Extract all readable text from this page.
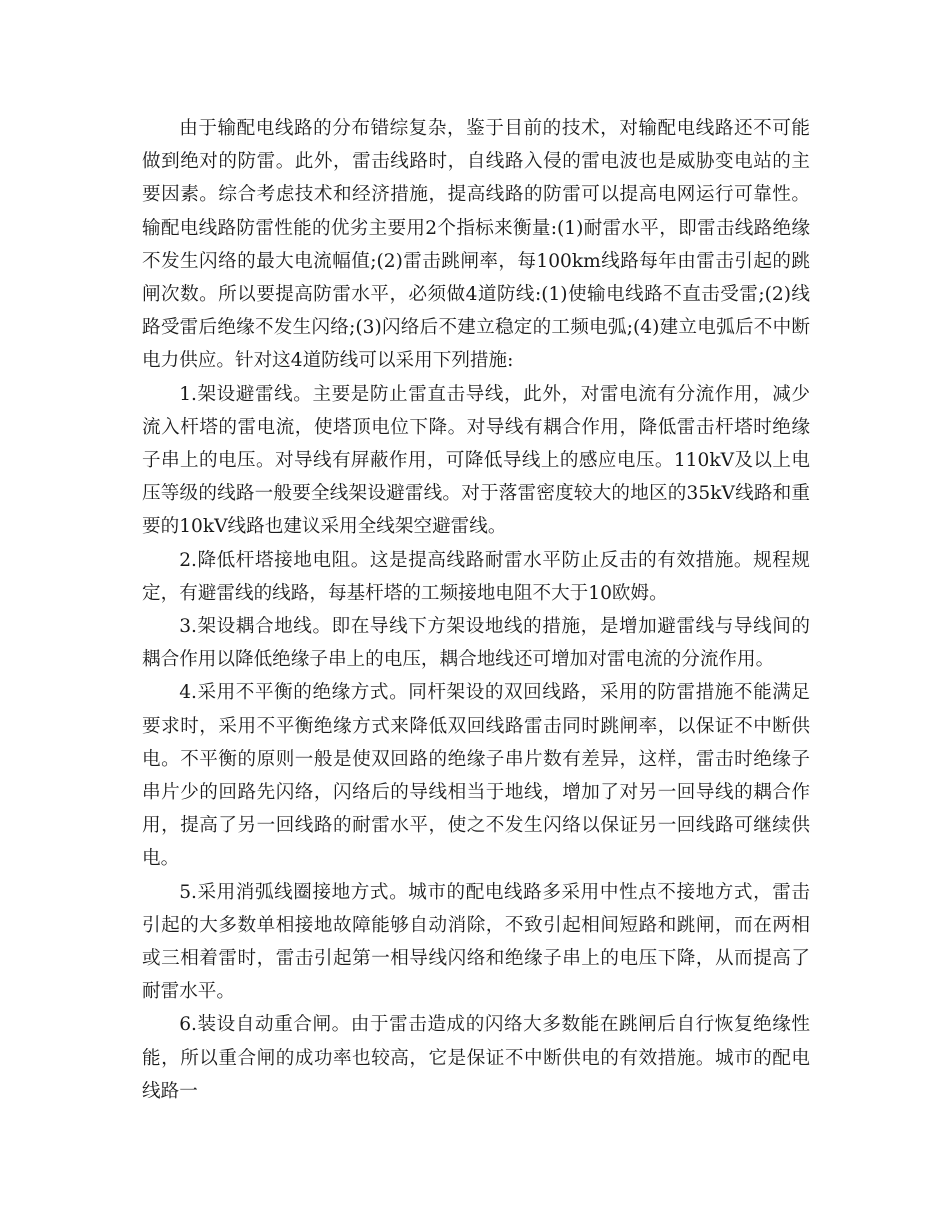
由于输配电线路的分布错综复杂，鉴于目前的技术，对输配电线路还不可能做到绝对的防雷。此外，雷击线路时，自线路入侵的雷电波也是威胁变电站的主要因素。综合考虑技术和经济措施，提高线路的防雷可以提高电网运行可靠性。输配电线路防雷性能的优劣主要用2个指标来衡量:(1)耐雷水平，即雷击线路绝缘不发生闪络的最大电流幅值;(2)雷击跳闸率，每100km线路每年由雷击引起的跳闸次数。所以要提高防雷水平，必须做4道防线:(1)使输电线路不直击受雷;(2)线路受雷后绝缘不发生闪络;(3)闪络后不建立稳定的工频电弧;(4)建立电弧后不中断电力供应。针对这4道防线可以采用下列措施:

1.架设避雷线。主要是防止雷直击导线，此外，对雷电流有分流作用，减少流入杆塔的雷电流，使塔顶电位下降。对导线有耦合作用，降低雷击杆塔时绝缘子串上的电压。对导线有屏蔽作用，可降低导线上的感应电压。110kV及以上电压等级的线路一般要全线架设避雷线。对于落雷密度较大的地区的35kV线路和重要的10kV线路也建议采用全线架空避雷线。

2.降低杆塔接地电阻。这是提高线路耐雷水平防止反击的有效措施。规程规定，有避雷线的线路，每基杆塔的工频接地电阻不大于10欧姆。

3.架设耦合地线。即在导线下方架设地线的措施，是增加避雷线与导线间的耦合作用以降低绝缘子串上的电压，耦合地线还可增加对雷电流的分流作用。

4.采用不平衡的绝缘方式。同杆架设的双回线路，采用的防雷措施不能满足要求时，采用不平衡绝缘方式来降低双回线路雷击同时跳闸率，以保证不中断供电。不平衡的原则一般是使双回路的绝缘子串片数有差异，这样，雷击时绝缘子串片少的回路先闪络，闪络后的导线相当于地线，增加了对另一回导线的耦合作用，提高了另一回线路的耐雷水平，使之不发生闪络以保证另一回线路可继续供电。

5.采用消弧线圈接地方式。城市的配电线路多采用中性点不接地方式，雷击引起的大多数单相接地故障能够自动消除，不致引起相间短路和跳闸，而在两相或三相着雷时，雷击引起第一相导线闪络和绝缘子串上的电压下降，从而提高了耐雷水平。

6.装设自动重合闸。由于雷击造成的闪络大多数能在跳闸后自行恢复绝缘性能，所以重合闸的成功率也较高，它是保证不中断供电的有效措施。城市的配电线路一
